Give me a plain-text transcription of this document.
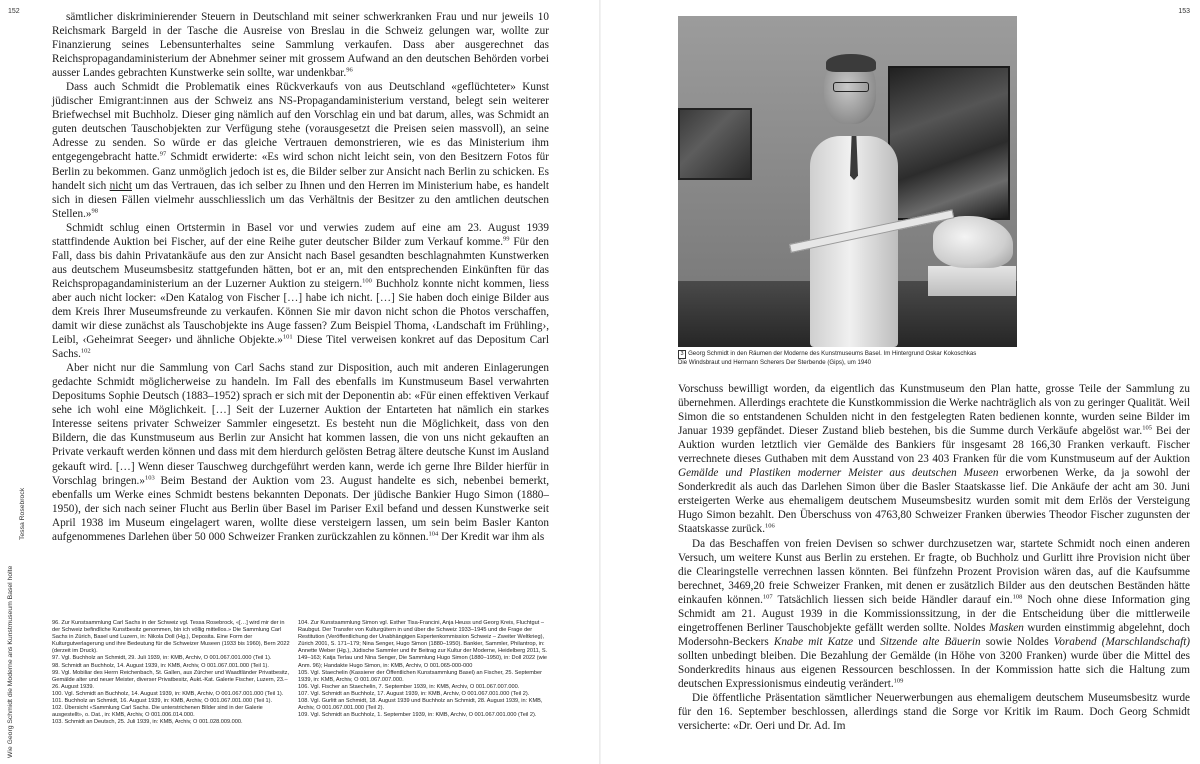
152	153
Wie Georg Schmidt die Moderne ans Kunstmuseum Basel holte
Tessa Rosebrock

sämtlicher diskriminierender Steuern in Deutschland mit seiner schwerkranken Frau und nur jeweils 10 Reichsmark Bargeld in der Tasche die Ausreise von Breslau in die Schweiz gelungen war, wollte zur Finanzierung seines Lebensunterhaltes seine Sammlung verkaufen. Dass aber ausgerechnet das Reichspropagandaministerium der Abnehmer seiner mit grossem Aufwand an den deutschen Behörden vorbei ausser Landes gebrachten Kunstwerke sein sollte, war undenkbar.$^{96}$

Dass auch Schmidt die Problematik eines Rückverkaufs von aus Deutschland «geflüchteter» Kunst jüdischer Emigrant:innen aus der Schweiz ans NS-Propagandaministerium verstand, belegt sein weiterer Briefwechsel mit Buchholz. Dieser ging nämlich auf den Vorschlag ein und bat darum, alles, was Schmidt an guten deutschen Tauschobjekten zur Verfügung stehe (vorausgesetzt die Preisen seien massvoll), an seine Adresse zu senden. So würde er das gleiche Vertrauen demonstrieren, wie es das Ministerium ihm entgegengebracht hatte.$^{97}$ Schmidt erwiderte: «Es wird schon nicht leicht sein, von den Besitzern Fotos für Berlin zu bekommen. Ganz unmöglich jedoch ist es, die Bilder selber zur Ansicht nach Berlin zu schicken. Es handelt sich nicht um das Vertrauen, das ich selber zu Ihnen und den Herren im Ministerium habe, es handelt sich in diesen Fällen vielmehr ausschliesslich um das Verhältnis der Besitzer zu den amtlichen deutschen Stellen.»$^{98}$

Schmidt schlug einen Ortstermin in Basel vor und verwies zudem auf eine am 23. August 1939 stattfindende Auktion bei Fischer, auf der eine Reihe guter deutscher Bilder zum Verkauf komme.$^{99}$ Für den Fall, dass bis dahin Privatankäufe aus den zur Ansicht nach Basel gesandten beschlagnahmten Kunstwerken aus deutschem Museumsbesitz stattgefunden hätten, bot er an, mit den entsprechenden Einkünften für das Reichspropagandaministerium an der Luzerner Auktion zu steigern.$^{100}$ Buchholz konnte nicht kommen, liess aber auch nicht locker: «Den Katalog von Fischer […] habe ich nicht. […] Sie haben doch einige Bilder aus dem Kreis Ihrer Museumsfreunde zu verkaufen. Können Sie mir davon nicht schon die Photos verschaffen, damit wir diese zunächst als Tauschobjekte ins Auge fassen? Zum Beispiel Thoma, ‹Landschaft im Frühling›, Leibl, ‹Geheimrat Seeger› und ähnliche Objekte.»$^{101}$ Diese Titel verweisen konkret auf das Depositum Carl Sachs.$^{102}$

Aber nicht nur die Sammlung von Carl Sachs stand zur Disposition, auch mit anderen Einlagerungen gedachte Schmidt möglicherweise zu handeln. Im Fall des ebenfalls im Kunstmuseum Basel verwahrten Depositums Sophie Deutsch (1883–1952) sprach er sich mit der Deponentin ab: «Für einen effektiven Verkauf sehe ich wohl eine Möglichkeit. […] Seit der Luzerner Auktion der Entarteten hat nämlich ein starkes Interesse seitens privater Schweizer Sammler eingesetzt. Es besteht nun die Möglichkeit, dass von den Bildern, die das Kunstmuseum aus Berlin zur Ansicht hat kommen lassen, die von uns nicht gekauften an Private verkauft werden können und dass mit dem hierdurch gelösten Betrag ältere deutsche Kunst im Ausland gekauft wird. […] Wenn dieser Tauschweg durchgeführt werden kann, werde ich gerne Ihre Bilder hierfür in Vorschlag bringen.»$^{103}$ Beim Bestand der Auktion vom 23. August handelte es sich, nebenbei bemerkt, ebenfalls um Werke eines Schmidt bestens bekannten Deponats. Der jüdische Bankier Hugo Simon (1880–1950), der sich nach seiner Flucht aus Berlin über Basel im Pariser Exil befand und dessen Kunstwerke seit April 1938 im Museum eingelagert waren, wollte diese versteigern lassen, um sein beim Basler Kanton aufgenommenes Darlehen über 50 000 Schweizer Franken zurückzahlen zu können.$^{104}$ Der Kredit war ihm als

96. Zur Kunstsammlung Carl Sachs in der Schweiz vgl. Tessa Rosebrock, «[…] wird mir der in der Schweiz befindliche Kunstbesitz genommen, bin ich völlig mittellos.» Die Sammlung Carl Sachs in Zürich, Basel und Luzern, in: Nikola Doll (Hg.), Deposita. Eine Form der Kulturgutverlagerung und ihre Bedeutung für die Schweizer Museen (1933 bis 1960), Bern 2022 (derzeit im Druck).
97. Vgl. Buchholz an Schmidt, 29. Juli 1939, in: KMB, Archiv, O 001.067.001.000 (Teil 1).
98. Schmidt an Buchholz, 14. August 1939, in: KMB, Archiv, O 001.067.001.000 (Teil 1).
99. Vgl. Mobiliar des Herrn Reichenbach, St. Gallen, aus Zürcher und Waadtländer Privatbesitz, Gemälde alter und neuer Meister, diverser Privatbesitz, Aukt.-Kat. Galerie Fischer, Luzern, 23.–26. August 1939.
100. Vgl. Schmidt an Buchholz, 14. August 1939, in: KMB, Archiv, O 001.067.001.000 (Teil 1).
101. Buchholz an Schmidt, 16. August 1939, in: KMB, Archiv, O 001.067.001.000 (Teil 1).
102. Übersicht «Sammlung Carl Sachs. Die unterstrichenen Bilder sind in der Galerie ausgestellt», o. Dat., in: KMB, Archiv, O 001.006.014.000.
103. Schmidt an Deutsch, 25. Juli 1939, in: KMB, Archiv, O 001.028.009.000.
104. Zur Kunstsammlung Simon vgl. Esther Tisa-Francini, Anja Heuss und Georg Kreis, Fluchtgut – Raubgut. Der Transfer von Kulturgütern in und über die Schweiz 1933–1945 und die Frage der Restitution (Veröffentlichung der Unabhängigen Expertenkommission Schweiz – Zweiter Weltkrieg), Zürich 2001, S. 171–179; Nina Senger, Hugo Simon (1880–1950). Bankier, Sammler, Philantrop, in: Annette Weber (Hg.), Jüdische Sammler und ihr Beitrag zur Kultur der Moderne, Heidelberg 2011, S. 149–163; Katja Terlau und Nina Senger, Die Sammlung Hugo Simon (1880–1950), in: Doll 2022 (wie Anm. 96); Handakte Hugo Simon, in: KMB, Archiv, O 001.065-000-000
105. Vgl. Staechelin (Kassierer der Öffentlichen Kunstsammlung Basel) an Fischer, 25. September 1939, in: KMB, Archiv, O 001.067.007.000.
106. Vgl. Fischer an Staechelin, 7. September 1939, in: KMB, Archiv, O 001.067.007.000.
107. Vgl. Schmidt an Buchholz, 17. August 1939, in: KMB, Archiv, O 001.067.001.000 (Teil 2).
108. Vgl. Gurlitt an Schmidt, 18. August 1939 und Buchholz an Schmidt, 28. August 1939, in: KMB, Archiv, O 001.067.001.000 (Teil 2).
109. Vgl. Schmidt an Buchholz, 1. September 1939, in: KMB, Archiv, O 001.067.001.000 (Teil 2).
3 Georg Schmidt in den Räumen der Moderne des Kunstmuseums Basel. Im Hintergrund Oskar Kokoschkas
Die Windsbraut und Hermann Scherers Der Sterbende (Gips), um 1940

Vorschuss bewilligt worden, da eigentlich das Kunstmuseum den Plan hatte, grosse Teile der Sammlung zu übernehmen. Allerdings erachtete die Kunstkommission die Werke nachträglich als von zu geringer Qualität. Weil Simon die so entstandenen Schulden nicht in den festgelegten Raten bedienen konnte, wurden seine Bilder im Januar 1939 gepfändet. Dieser Zustand blieb bestehen, bis die Summe durch Verkäufe abgelöst war.$^{105}$ Bei der Auktion wurden letztlich vier Gemälde des Bankiers für insgesamt 28 166,30 Franken verkauft. Fischer verrechnete dieses Guthaben mit dem Ausstand von 23 403 Franken für die vom Kunstmuseum auf der Auktion Gemälde und Plastiken moderner Meister aus deutschen Museen erworbenen Werke, da ja sowohl der Sonderkredit als auch das Darlehen Simon über die Basler Staatskasse lief. Die Ankäufe der acht am 30. Juni ersteigerten Werke aus ehemaligem deutschem Museumsbesitz wurden somit mit dem Erlös der Versteigung Hugo Simon bezahlt. Den Überschuss von 4763,80 Schweizer Franken überwies Theodor Fischer zugunsten der Staatskasse zurück.$^{106}$

Da das Beschaffen von freien Devisen so schwer durchzusetzen war, startete Schmidt noch einen anderen Versuch, um weitere Kunst aus Berlin zu erstehen. Er fragte, ob Buchholz und Gurlitt ihre Provision nicht über die Clearingstelle verrechnen lassen könnten. Bei fünfzehn Prozent Provision wären das, auf die Kaufsumme berechnet, 3469,20 freie Schweizer Franken, mit denen er zusätzlich Bilder aus den deutschen Beständen hätte einkaufen können.$^{107}$ Tatsächlich liessen sich beide Händler darauf ein.$^{108}$ Noch ohne diese Information ging Schmidt am 21. August 1939 in die Kommissionssitzung, in der die Entscheidung über die mittlerweile eingetroffenen Berliner Tauschobjekte gefällt werden sollte. Noldes Masken wurden einstimmig abgelehnt, doch Modersohn-Beckers Knabe mit Katze und Sitzende alte Bäuerin sowie Noldes Vorabend (Marschlandschaft) sollten unbedingt bleiben. Die Bezahlung der Gemälde (in Höhe von 3200 Franken) wurde über die Mittel des Sonderkredits hinaus aus eigenen Ressourcen beschlossen. In der Kommission hatte sich die Haltung zum deutschen Expressionismus eindeutig verändert.$^{109}$

Die öffentliche Präsentation sämtlicher Neuerwerbungen aus ehemaligem deutschem Museumsbesitz wurde für den 16. September beschlossen, allerdings stand die Sorge vor Kritik im Raum. Doch Georg Schmidt versicherte: «Dr. Oeri und Dr. Ad. Im
